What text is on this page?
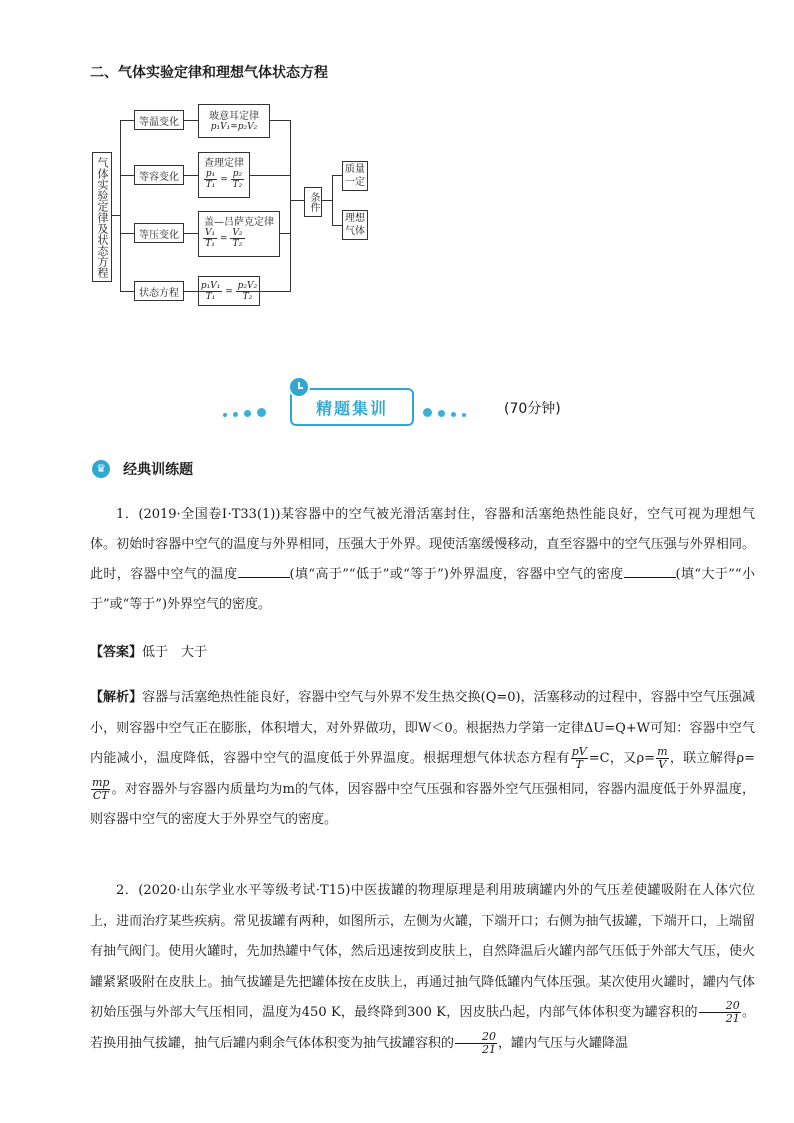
二、气体实验定律和理想气体状态方程
气体实验定律及状态方程
等温变化
等容变化
等压变化
状态方程
玻意耳定律
p₁V₁=p₂V₂
查理定律
$\frac{\text{p₁}}{\text{T₁}} = \frac{\text{p₂}}{\text{T₂}}$
盖—吕萨克定律
$\frac{\text{V₁}}{\text{T₁}} = \frac{\text{V₂}}{\text{T₂}}$
$\frac{\text{p₁V₁}}{\text{T₁}} = \frac{\text{p₂V₂}}{\text{T₂}}$
条件
质量一定
理想气体
精题集训	(70分钟)
♛ 经典训练题
1．(2019·全国卷Ⅰ·T33(1))某容器中的空气被光滑活塞封住，容器和活塞绝热性能良好，空气可视为理想气体。初始时容器中空气的温度与外界相同，压强大于外界。现使活塞缓慢移动，直至容器中的空气压强与外界相同。此时，容器中空气的温度	(填“高于”“低于”或“等于”)外界温度，容器中空气的密度	(填“大于”“小于”或“等于”)外界空气的密度。
【答案】低于　大于
【解析】容器与活塞绝热性能良好，容器中空气与外界不发生热交换(Q=0)，活塞移动的过程中，容器中空气压强减小，则容器中空气正在膨胀，体积增大，对外界做功，即W＜0。根据热力学第一定律ΔU=Q+W可知：容器中空气内能减小，温度降低，容器中空气的温度低于外界温度。根据理想气体状态方程有 $\frac{pV}{T} =C$，又$\rho= \frac{m}{V}$ ，联立解得ρ=
$\frac{mp}{CT}$ 。对容器外与容器内质量均为m的气体，因容器中空气压强和容器外空气压强相同，容器内温度低于外界温度，则容器中空气的密度大于外界空气的密度。
2．(2020·山东学业水平等级考试·T15)中医拔罐的物理原理是利用玻璃罐内外的气压差使罐吸附在人体穴位上，进而治疗某些疾病。常见拔罐有两种，如图所示，左侧为火罐，下端开口；右侧为抽气拔罐，下端开口，上端留有抽气阀门。使用火罐时，先加热罐中气体，然后迅速按到皮肤上，自然降温后火罐内部气压低于外部大气压，使火罐紧紧吸附在皮肤上。抽气拔罐是先把罐体按在皮肤上，再通过抽气降低罐内气体压强。某次使用火罐时，罐内气体初始压强与外部大气压相同，温度为450 K，最终降到300 K，因皮肤凸起，内部气体体积变为罐容积的 $\frac{20}{21}$ 。若换用抽气拔罐，抽气后罐内剩余气体体积变为抽气拔罐容积的 $\frac{20}{21}$ ，罐内气压与火罐降温
